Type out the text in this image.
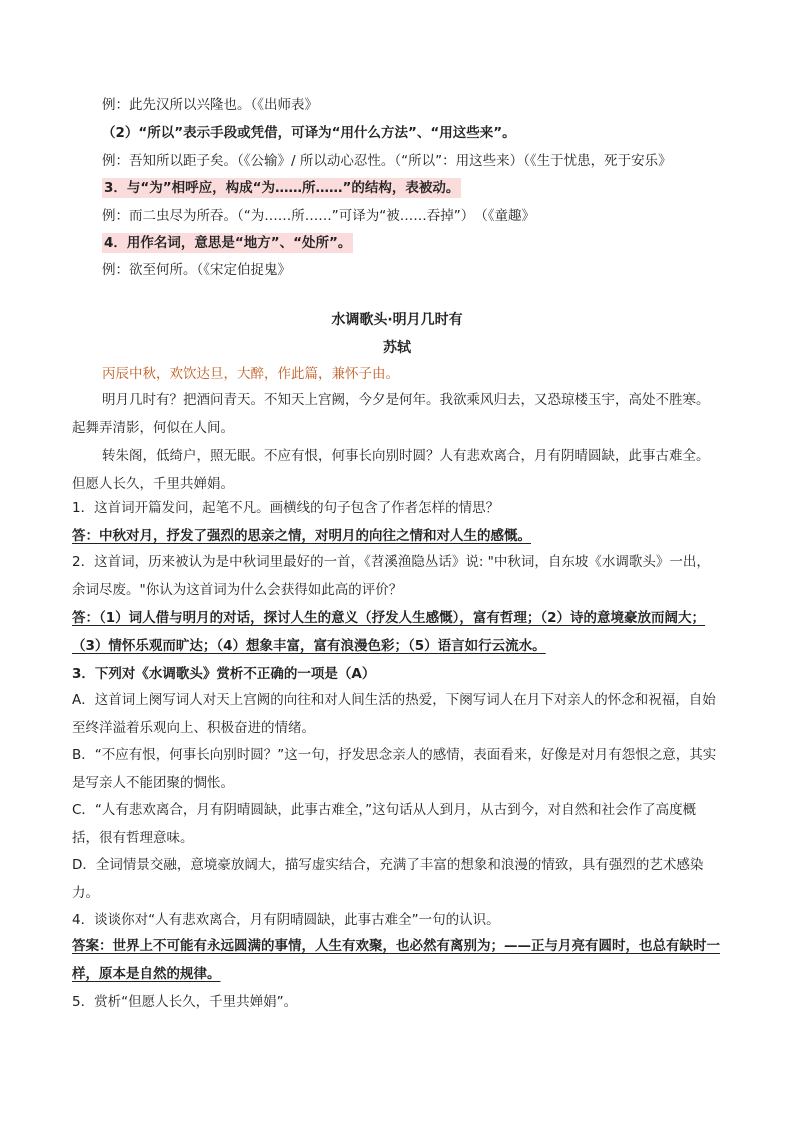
例：此先汉所以兴隆也。（《出师表》
（2）“所以”表示手段或凭借，可译为“用什么方法”、“用这些来”。
例：吾知所以距子矣。（《公输》/ 所以动心忍性。（“所以”：用这些来）（《生于忧患，死于安乐》
3．与“为”相呼应，构成“为……所……”的结构，表被动。
例：而二虫尽为所吞。（“为……所……”可译为“被……吞掉”）　（《童趣》
4．用作名词，意思是“地方”、“处所”。
例：欲至何所。（《宋定伯捉鬼》
水调歌头·明月几时有
苏轼
丙辰中秋，欢饮达旦，大醉，作此篇，兼怀子由。
明月几时有？把酒问青天。不知天上宫阙，今夕是何年。我欲乘风归去，又恐琼楼玉宇，高处不胜寒。起舞弄清影，何似在人间。
转朱阁，低绮户，照无眠。不应有恨，何事长向别时圆？人有悲欢离合，月有阴晴圆缺，此事古难全。但愿人长久，千里共婵娟。
1．这首词开篇发问，起笔不凡。画横线的句子包含了作者怎样的情思？
答：中秋对月，抒发了强烈的思亲之情，对明月的向往之情和对人生的感慨。
2．这首词，历来被认为是中秋词里最好的一首，《苕溪渔隐丛话》说: "中秋词，自东坡《水调歌头》一出，余词尽废。"你认为这首词为什么会获得如此高的评价？
答：（1）词人借与明月的对话，探讨人生的意义（抒发人生感慨），富有哲理；（2）诗的意境豪放而阔大；（3）情怀乐观而旷达；（4）想象丰富，富有浪漫色彩；（5）语言如行云流水。
3．下列对《水调歌头》赏析不正确的一项是（A）
A．这首词上阕写词人对天上宫阙的向往和对人间生活的热爱，下阕写词人在月下对亲人的怀念和祝福，自始至终洋溢着乐观向上、积极奋进的情绪。
B．“不应有恨，何事长向别时圆？”这一句，抒发思念亲人的感情，表面看来，好像是对月有怨恨之意，其实是写亲人不能团聚的惆怅。
C．“人有悲欢离合，月有阴晴圆缺，此事古难全，”这句话从人到月，从古到今，对自然和社会作了高度概括，很有哲理意味。
D．全词情景交融，意境豪放阔大，描写虚实结合，充满了丰富的想象和浪漫的情致，具有强烈的艺术感染力。
4．谈谈你对“人有悲欢离合，月有阴晴圆缺，此事古难全”一句的认识。
答案：世界上不可能有永远圆满的事情，人生有欢聚，也必然有离别为；——正与月亮有圆时，也总有缺时一样，原本是自然的规律。
5．赏析“但愿人长久，千里共婵娟”。
